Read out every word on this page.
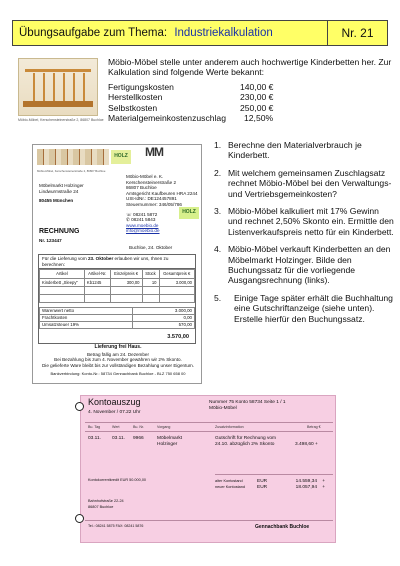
Übungsaufgabe zum Thema: Industriekalkulation	Nr. 21
Möbio-Möbel, Kerschensteinerstraße 2, 86807 Buchloe
Möbio-Möbel stelle unter anderem auch hochwertige Kinderbetten her. Zur Kalkulation sind folgende Werte bekannt:
Fertigungskosten	140,00 €
Herstellkosten	230,00 €
Selbstkosten	250,00 €
Materialgemeinkostenzuschlag	12,50%
HOLZ MM
Möbio-Möbel, Kerschensteinerstraße 2, 86807 Buchloe
Möbelmarkt Holzinger
Lindwurmstraße 24
80455 München
Möbio-Möbel e. K.
Kerschensteinerstraße 2
86807 Buchloe
Amtsgericht Kaufbeuren HRA 2244
USt-IdNr.: DE124457891
Steuernummer: 346/05/786
☏ 08241 5872
✆ 08241 5843
www.moebio.de
info@moebio.de
HOLZ
RECHNUNG
Nr. 123447
Buchloe, 24. Oktober
Für die Lieferung vom 23. Oktober erlauben wir uns, Ihnen zu berechnen:
Artikel	Artikel-Nr.	Einzelpreis €	Stück	Gesamtpreis €
Kinderbett „Sleepy“	Kb1245	300,00	10	3.000,00

Warenwert netto	3.000,00
Frachtkosten	0,00
Umsatzsteuer 19%	570,00
3.570,00
Lieferung frei Haus.
Betrag fällig am 24. Dezember
Bei Bezahlung bis zum 4. November gewähren wir 2% Skonto.
Die gelieferte Ware bleibt bis zur vollständigen Bezahlung unser Eigentum.
Bankverbindung: Konto-Nr.: 58734 Gennachbank Buchloe - BLZ 750 658 00
1. Berechne den Materialverbrauch je Kinderbett.
2. Mit welchem gemeinsamen Zuschlagsatz rechnet Möbio-Möbel bei den Verwaltungs- und Vertriebsgemeinkosten?
3. Möbio-Möbel kalkuliert mit 17% Gewinn und rechnet 2,50% Skonto ein. Ermittle den Listenverkaufspreis netto für ein Kinderbett.
4. Möbio-Möbel verkauft Kinderbetten an den Möbelmarkt Holzinger. Bilde den Buchungssatz für die vorliegende Ausgangsrechnung (links).
5.	Einige Tage später erhält die Buchhaltung eine Gutschriftanzeige (siehe unten). Erstelle hierfür den Buchungssatz.
Kontoauszug
4. November / 07.22 Uhr
Nummer 75 Konto 58734 Seite 1 / 1
Möbio-Möbel
Bu. Tag	Wert	Bu. Nr.	Vorgang	Zusatzinformation	Betrag €
03.11. 03.11. 9966	Möbelmarkt Holzinger
Gutschrift für Rechnung vom 24.10. abzüglich 2% Skonto	3.498,60 +
Kontokorrentkredit EUR 50.000,00	alter Kontostand	EUR	14.559,34	+
neuer Kontostand	EUR	18.057,94	+
Bahnhofstraße 22-24
86807 Buchloe
Tel.: 08241 5875 FAX: 08241 5876	Gennachbank Buchloe
